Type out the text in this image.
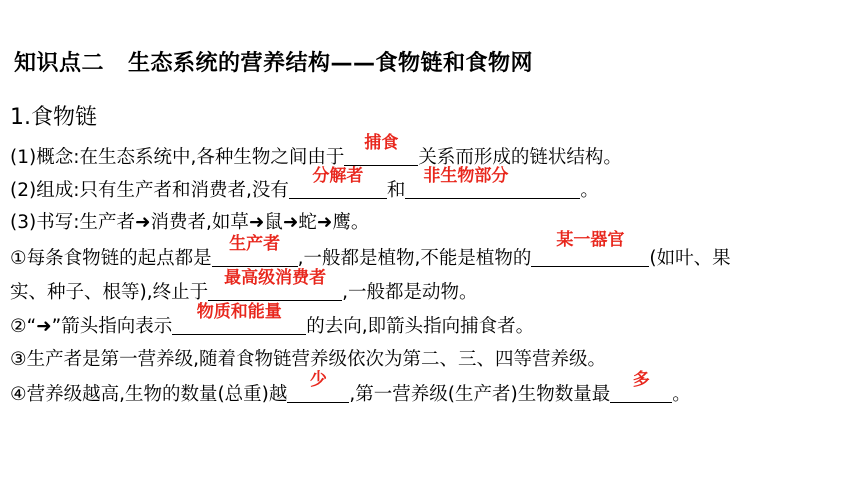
知识点二 生态系统的营养结构——食物链和食物网
1.食物链
(1)概念:在生态系统中,各种生物之间由于
捕食
关系而形成的链状结构。
(2)组成:只有生产者和消费者,没有
分解者
和
非生物部分
。
(3)书写:生产者➜消费者,如草➜鼠➜蛇➜鹰。
①每条食物链的起点都是
生产者
,一般都是植物,不能是植物的
某一器官
(如叶、果
实、种子、根等),终止于
最高级消费者
,一般都是动物。
②“➜”箭头指向表示
物质和能量
的去向,即箭头指向捕食者。
③生产者是第一营养级,随着食物链营养级依次为第二、三、四等营养级。
④营养级越高,生物的数量(总重)越
少
,第一营养级(生产者)生物数量最
多
。
